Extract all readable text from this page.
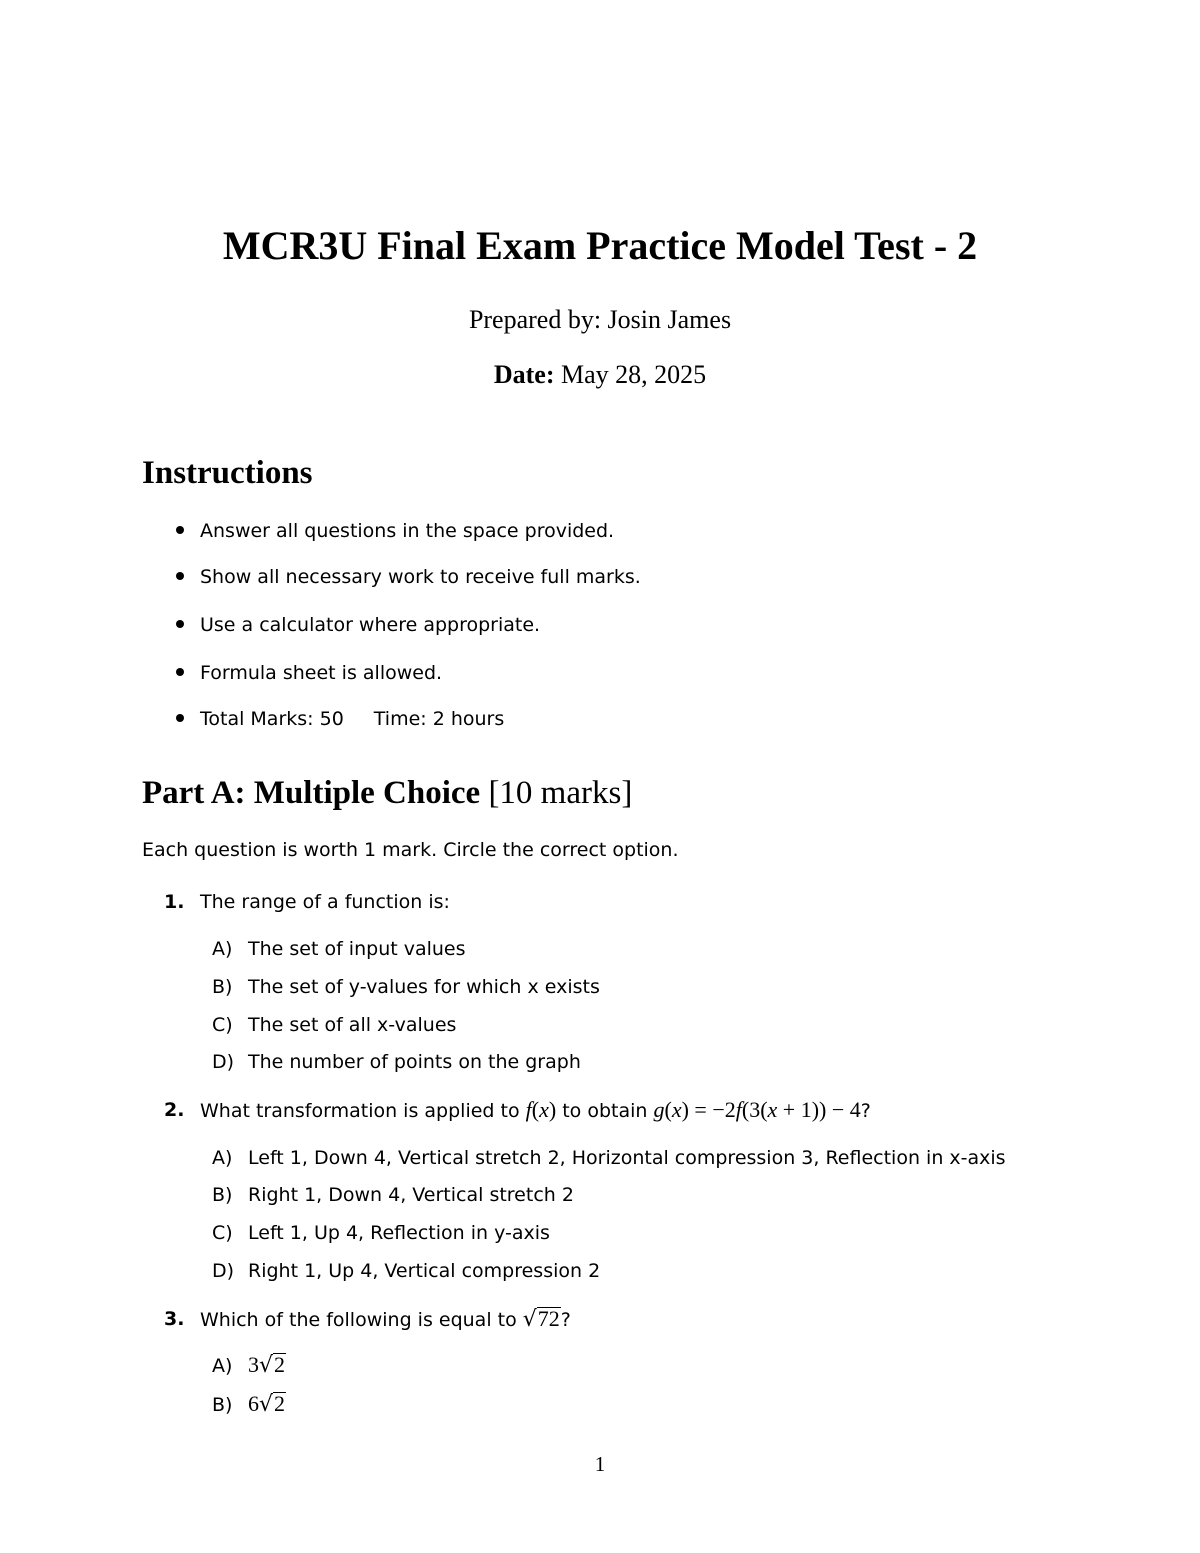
MCR3U Final Exam Practice Model Test - 2

Prepared by: Josin James

Date: May 28, 2025

Instructions
Answer all questions in the space provided.
Show all necessary work to receive full marks.
Use a calculator where appropriate.
Formula sheet is allowed.
Total Marks: 50 Time: 2 hours
Part A: Multiple Choice [10 marks]

Each question is worth 1 mark. Circle the correct option.

1. The range of a function is:
A) The set of input values
B) The set of y-values for which x exists
C) The set of all x-values
D) The number of points on the graph
2. What transformation is applied to f(x) to obtain g(x) = −2f(3(x + 1)) − 4?
A) Left 1, Down 4, Vertical stretch 2, Horizontal compression 3, Reflection in x-axis
B) Right 1, Down 4, Vertical stretch 2
C) Left 1, Up 4, Reflection in y-axis
D) Right 1, Up 4, Vertical compression 2
3. Which of the following is equal to √72?
A) 3√2
B) 6√2

1
